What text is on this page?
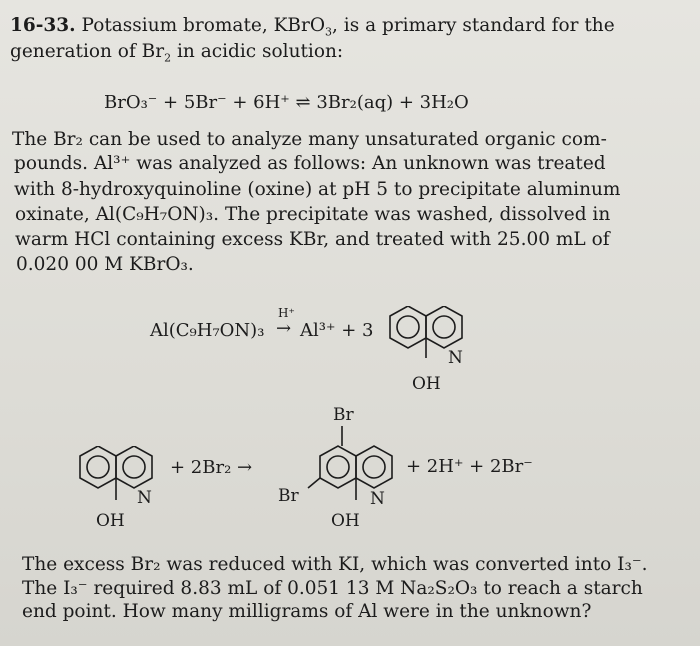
16-33. Potassium bromate, KBrO$_3$, is a primary standard for the
generation of $Br_2$ in acidic solution:
BrO₃⁻ + 5Br⁻ + 6H⁺ ⇌ 3Br₂(aq) + 3H₂O
The Br₂ can be used to analyze many unsaturated organic com-
pounds. Al³⁺ was analyzed as follows: An unknown was treated
with 8-hydroxyquinoline (oxine) at pH 5 to precipitate aluminum
oxinate, Al(C₉H₇ON)₃. The precipitate was washed, dissolved in
warm HCl containing excess KBr, and treated with 25.00 mL of
0.020 00 M KBrO₃.
Al(C₉H₇ON)₃
H⁺
→ Al³⁺ + 3
N
OH
N
OH
+ 2Br₂ →
Br
Br	N
OH
+ 2H⁺ + 2Br⁻
The excess Br₂ was reduced with KI, which was converted into I₃⁻.
The I₃⁻ required 8.83 mL of 0.051 13 M Na₂S₂O₃ to reach a starch
end point. How many milligrams of Al were in the unknown?
